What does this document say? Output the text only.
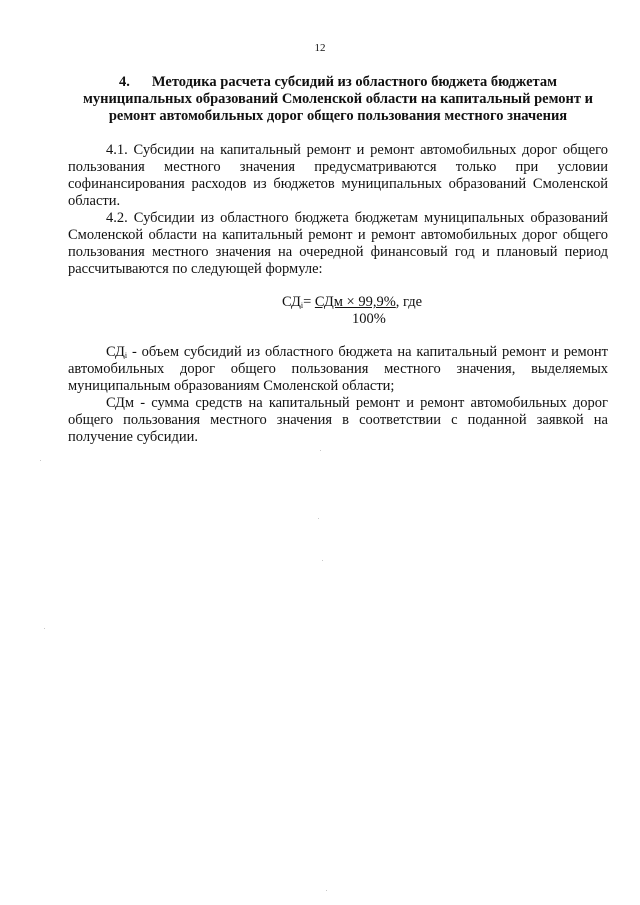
12
4. Методика расчета субсидий из областного бюджета бюджетам муниципальных образований Смоленской области на капитальный ремонт и ремонт автомобильных дорог общего пользования местного значения

4.1. Субсидии на капитальный ремонт и ремонт автомобильных дорог общего пользования местного значения предусматриваются только при условии софинансирования расходов из бюджетов муниципальных образований Смоленской области.

4.2. Субсидии из областного бюджета бюджетам муниципальных образований Смоленской области на капитальный ремонт и ремонт автомобильных дорог общего пользования местного значения на очередной финансовый год и плановый период рассчитываются по следующей формуле:

$СД_i=$ СДм × 99,9%, где
100%

$СД_i$ - объем субсидий из областного бюджета на капитальный ремонт и ремонт автомобильных дорог общего пользования местного значения, выделяемых муниципальным образованиям Смоленской области;

СДм - сумма средств на капитальный ремонт и ремонт автомобильных дорог общего пользования местного значения в соответствии с поданной заявкой на получение субсидии.
